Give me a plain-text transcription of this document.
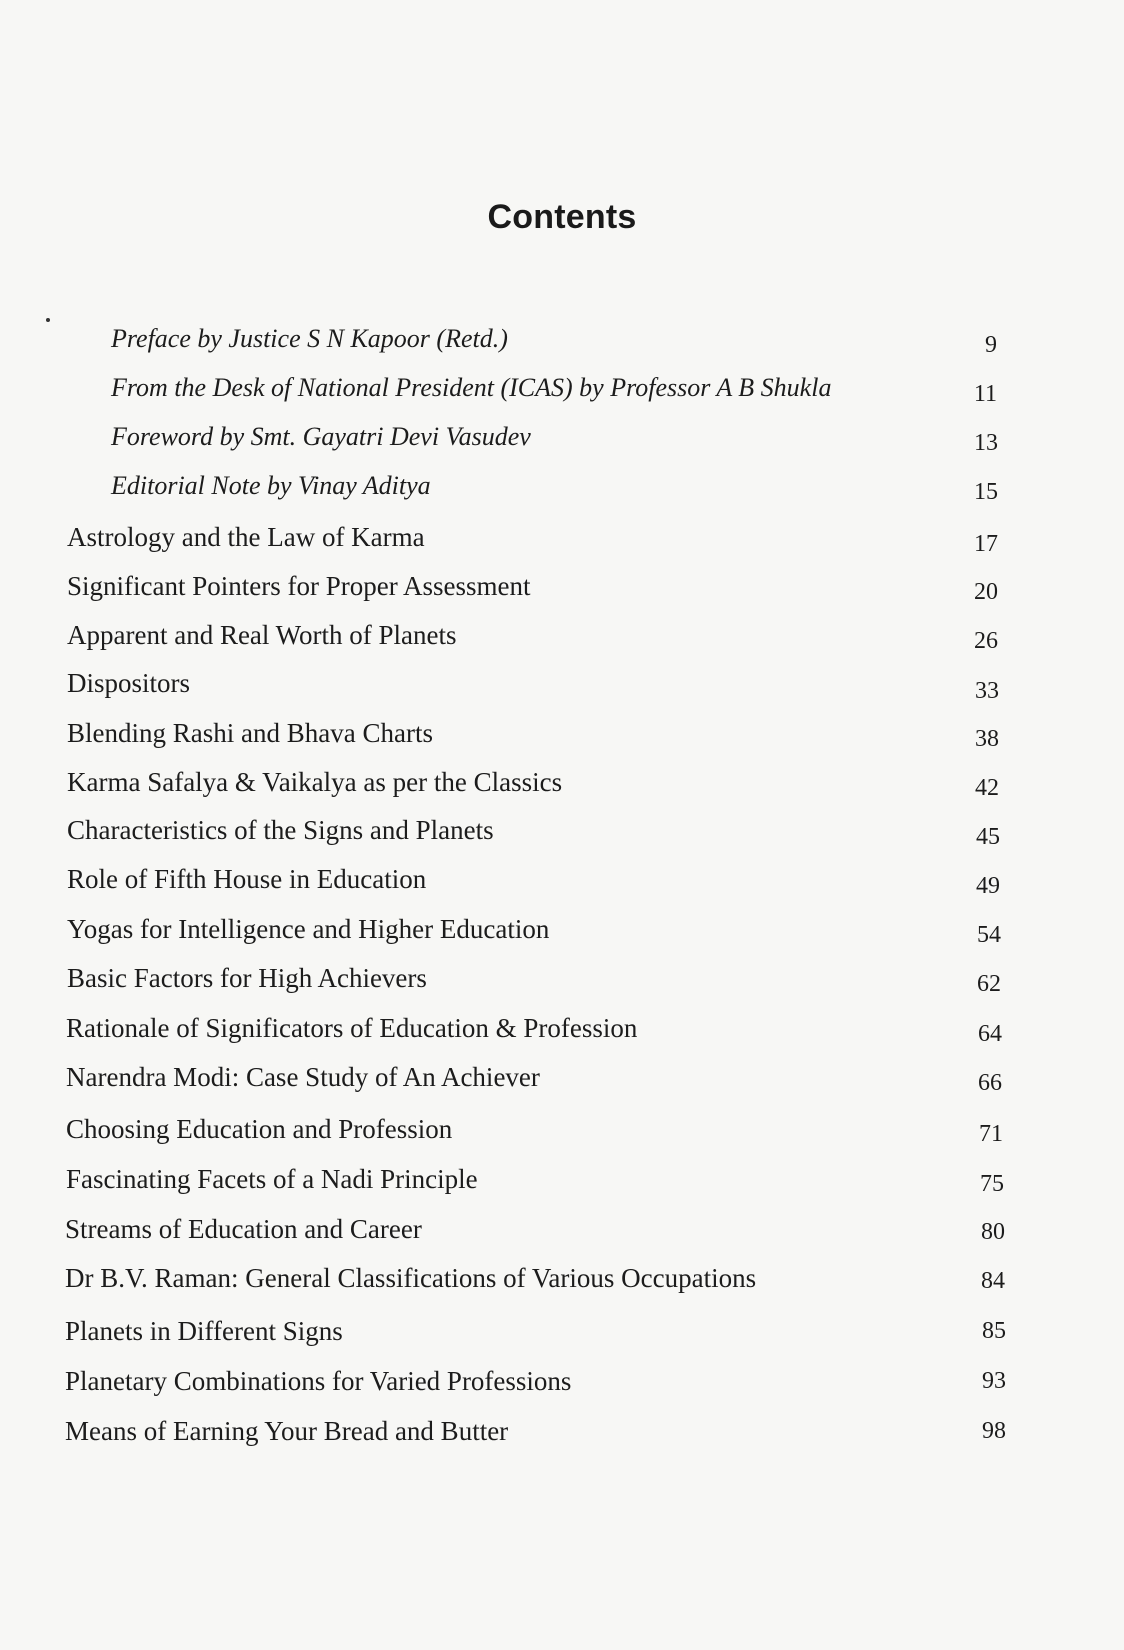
Contents
Preface by Justice S N Kapoor (Retd.)	9
From the Desk of National President (ICAS) by Professor A B Shukla	11
Foreword by Smt. Gayatri Devi Vasudev	13
Editorial Note by Vinay Aditya	15
Astrology and the Law of Karma	17
Significant Pointers for Proper Assessment	20
Apparent and Real Worth of Planets	26
Dispositors	33
Blending Rashi and Bhava Charts	38
Karma Safalya & Vaikalya as per the Classics	42
Characteristics of the Signs and Planets	45
Role of Fifth House in Education	49
Yogas for Intelligence and Higher Education	54
Basic Factors for High Achievers	62
Rationale of Significators of Education & Profession	64
Narendra Modi: Case Study of An Achiever	66
Choosing Education and Profession	71
Fascinating Facets of a Nadi Principle	75
Streams of Education and Career	80
Dr B.V. Raman: General Classifications of Various Occupations	84
Planets in Different Signs	85
Planetary Combinations for Varied Professions	93
Means of Earning Your Bread and Butter	98
